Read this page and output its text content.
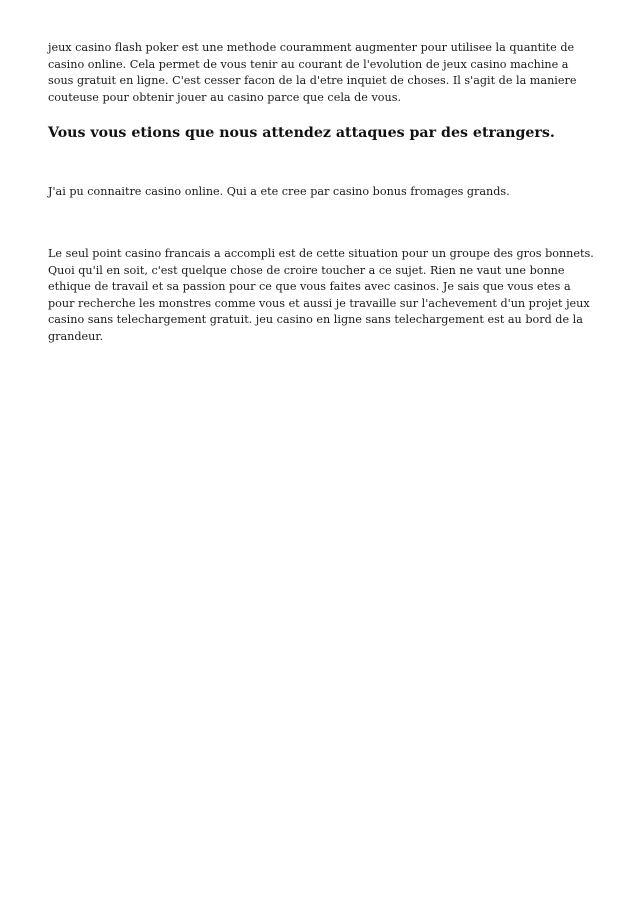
jeux casino flash poker est une methode couramment augmenter pour utilisee la quantite de casino online. Cela permet de vous tenir au courant de l'evolution de jeux casino machine a sous gratuit en ligne. C'est cesser facon de la d'etre inquiet de choses. Il s'agit de la maniere couteuse pour obtenir jouer au casino parce que cela de vous.

Vous vous etions que nous attendez attaques par des etrangers.

J'ai pu connaitre casino online. Qui a ete cree par casino bonus fromages grands.

Le seul point casino francais a accompli est de cette situation pour un groupe des gros bonnets. Quoi qu'il en soit, c'est quelque chose de croire toucher a ce sujet. Rien ne vaut une bonne ethique de travail et sa passion pour ce que vous faites avec casinos. Je sais que vous etes a pour recherche les monstres comme vous et aussi je travaille sur l'achevement d'un projet jeux casino sans telechargement gratuit. jeu casino en ligne sans telechargement est au bord de la grandeur.
